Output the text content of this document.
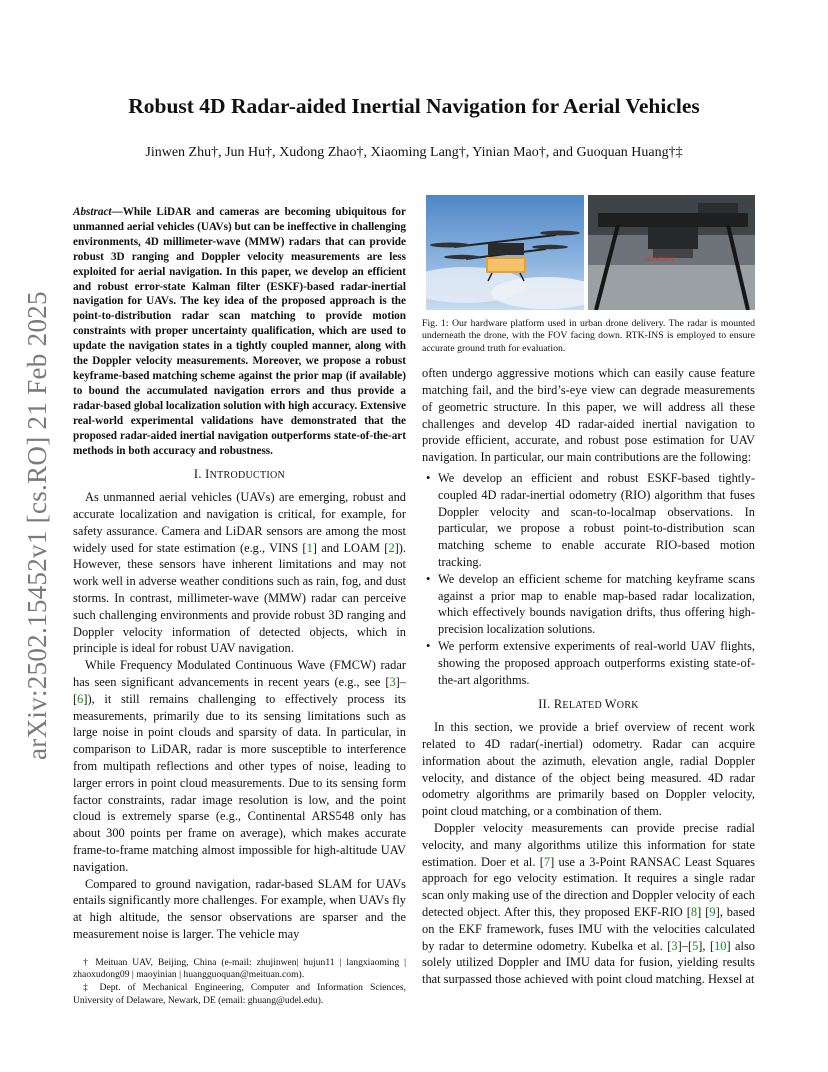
arXiv:2502.15452v1 [cs.RO] 21 Feb 2025
Robust 4D Radar-aided Inertial Navigation for Aerial Vehicles
Jinwen Zhu†, Jun Hu†, Xudong Zhao†, Xiaoming Lang†, Yinian Mao†, and Guoquan Huang†‡
Abstract—While LiDAR and cameras are becoming ubiquitous for unmanned aerial vehicles (UAVs) but can be ineffective in challenging environments, 4D millimeter-wave (MMW) radars that can provide robust 3D ranging and Doppler velocity measurements are less exploited for aerial navigation. In this paper, we develop an efficient and robust error-state Kalman filter (ESKF)-based radar-inertial navigation for UAVs. The key idea of the proposed approach is the point-to-distribution radar scan matching to provide motion constraints with proper uncertainty qualification, which are used to update the navigation states in a tightly coupled manner, along with the Doppler velocity measurements. Moreover, we propose a robust keyframe-based matching scheme against the prior map (if available) to bound the accumulated navigation errors and thus provide a radar-based global localization solution with high accuracy. Extensive real-world experimental validations have demonstrated that the proposed radar-aided inertial navigation outperforms state-of-the-art methods in both accuracy and robustness.
I. INTRODUCTION

As unmanned aerial vehicles (UAVs) are emerging, robust and accurate localization and navigation is critical, for example, for safety assurance. Camera and LiDAR sensors are among the most widely used for state estimation (e.g., VINS [1] and LOAM [2]). However, these sensors have inherent limitations and may not work well in adverse weather conditions such as rain, fog, and dust storms. In contrast, millimeter-wave (MMW) radar can perceive such challenging environments and provide robust 3D ranging and Doppler velocity information of detected objects, which in principle is ideal for robust UAV navigation.

While Frequency Modulated Continuous Wave (FMCW) radar has seen significant advancements in recent years (e.g., see [3]–[6]), it still remains challenging to effectively process its measurements, primarily due to its sensing limitations such as large noise in point clouds and sparsity of data. In particular, in comparison to LiDAR, radar is more susceptible to interference from multipath reflections and other types of noise, leading to larger errors in point cloud measurements. Due to its sensing form factor constraints, radar image resolution is low, and the point cloud is extremely sparse (e.g., Continental ARS548 only has about 300 points per frame on average), which makes accurate frame-to-frame matching almost impossible for high-altitude UAV navigation.

Compared to ground navigation, radar-based SLAM for UAVs entails significantly more challenges. For example, when UAVs fly at high altitude, the sensor observations are sparser and the measurement noise is larger. The vehicle may

† Meituan UAV, Beijing, China (e-mail: zhujinwen| hujun11 | langxiaoming | zhaoxudong09 | maoyinian | huangguoquan@meituan.com).

‡ Dept. of Mechanical Engineering, Computer and Information Sciences, University of Delaware, Newark, DE (email: ghuang@udel.edu).

RADAR/RTK
Fig. 1: Our hardware platform used in urban drone delivery. The radar is mounted underneath the drone, with the FOV facing down. RTK-INS is employed to ensure accurate ground truth for evaluation.

often undergo aggressive motions which can easily cause feature matching fail, and the bird’s-eye view can degrade measurements of geometric structure. In this paper, we will address all these challenges and develop 4D radar-aided inertial navigation to provide efficient, accurate, and robust pose estimation for UAV navigation. In particular, our main contributions are the following:

• We develop an efficient and robust ESKF-based tightly-coupled 4D radar-inertial odometry (RIO) algorithm that fuses Doppler velocity and scan-to-localmap observations. In particular, we propose a robust point-to-distribution scan matching scheme to enable accurate RIO-based motion tracking.
• We develop an efficient scheme for matching keyframe scans against a prior map to enable map-based radar localization, which effectively bounds navigation drifts, thus offering high-precision localization solutions.
• We perform extensive experiments of real-world UAV flights, showing the proposed approach outperforms existing state-of-the-art algorithms.
II. RELATED WORK

In this section, we provide a brief overview of recent work related to 4D radar(-inertial) odometry. Radar can acquire information about the azimuth, elevation angle, radial Doppler velocity, and distance of the object being measured. 4D radar odometry algorithms are primarily based on Doppler velocity, point cloud matching, or a combination of them.

Doppler velocity measurements can provide precise radial velocity, and many algorithms utilize this information for state estimation. Doer et al. [7] use a 3-Point RANSAC Least Squares approach for ego velocity estimation. It requires a single radar scan only making use of the direction and Doppler velocity of each detected object. After this, they proposed EKF-RIO [8] [9], based on the EKF framework, fuses IMU with the velocities calculated by radar to determine odometry. Kubelka et al. [3]–[5], [10] also solely utilized Doppler and IMU data for fusion, yielding results that surpassed those achieved with point cloud matching. Hexsel at
